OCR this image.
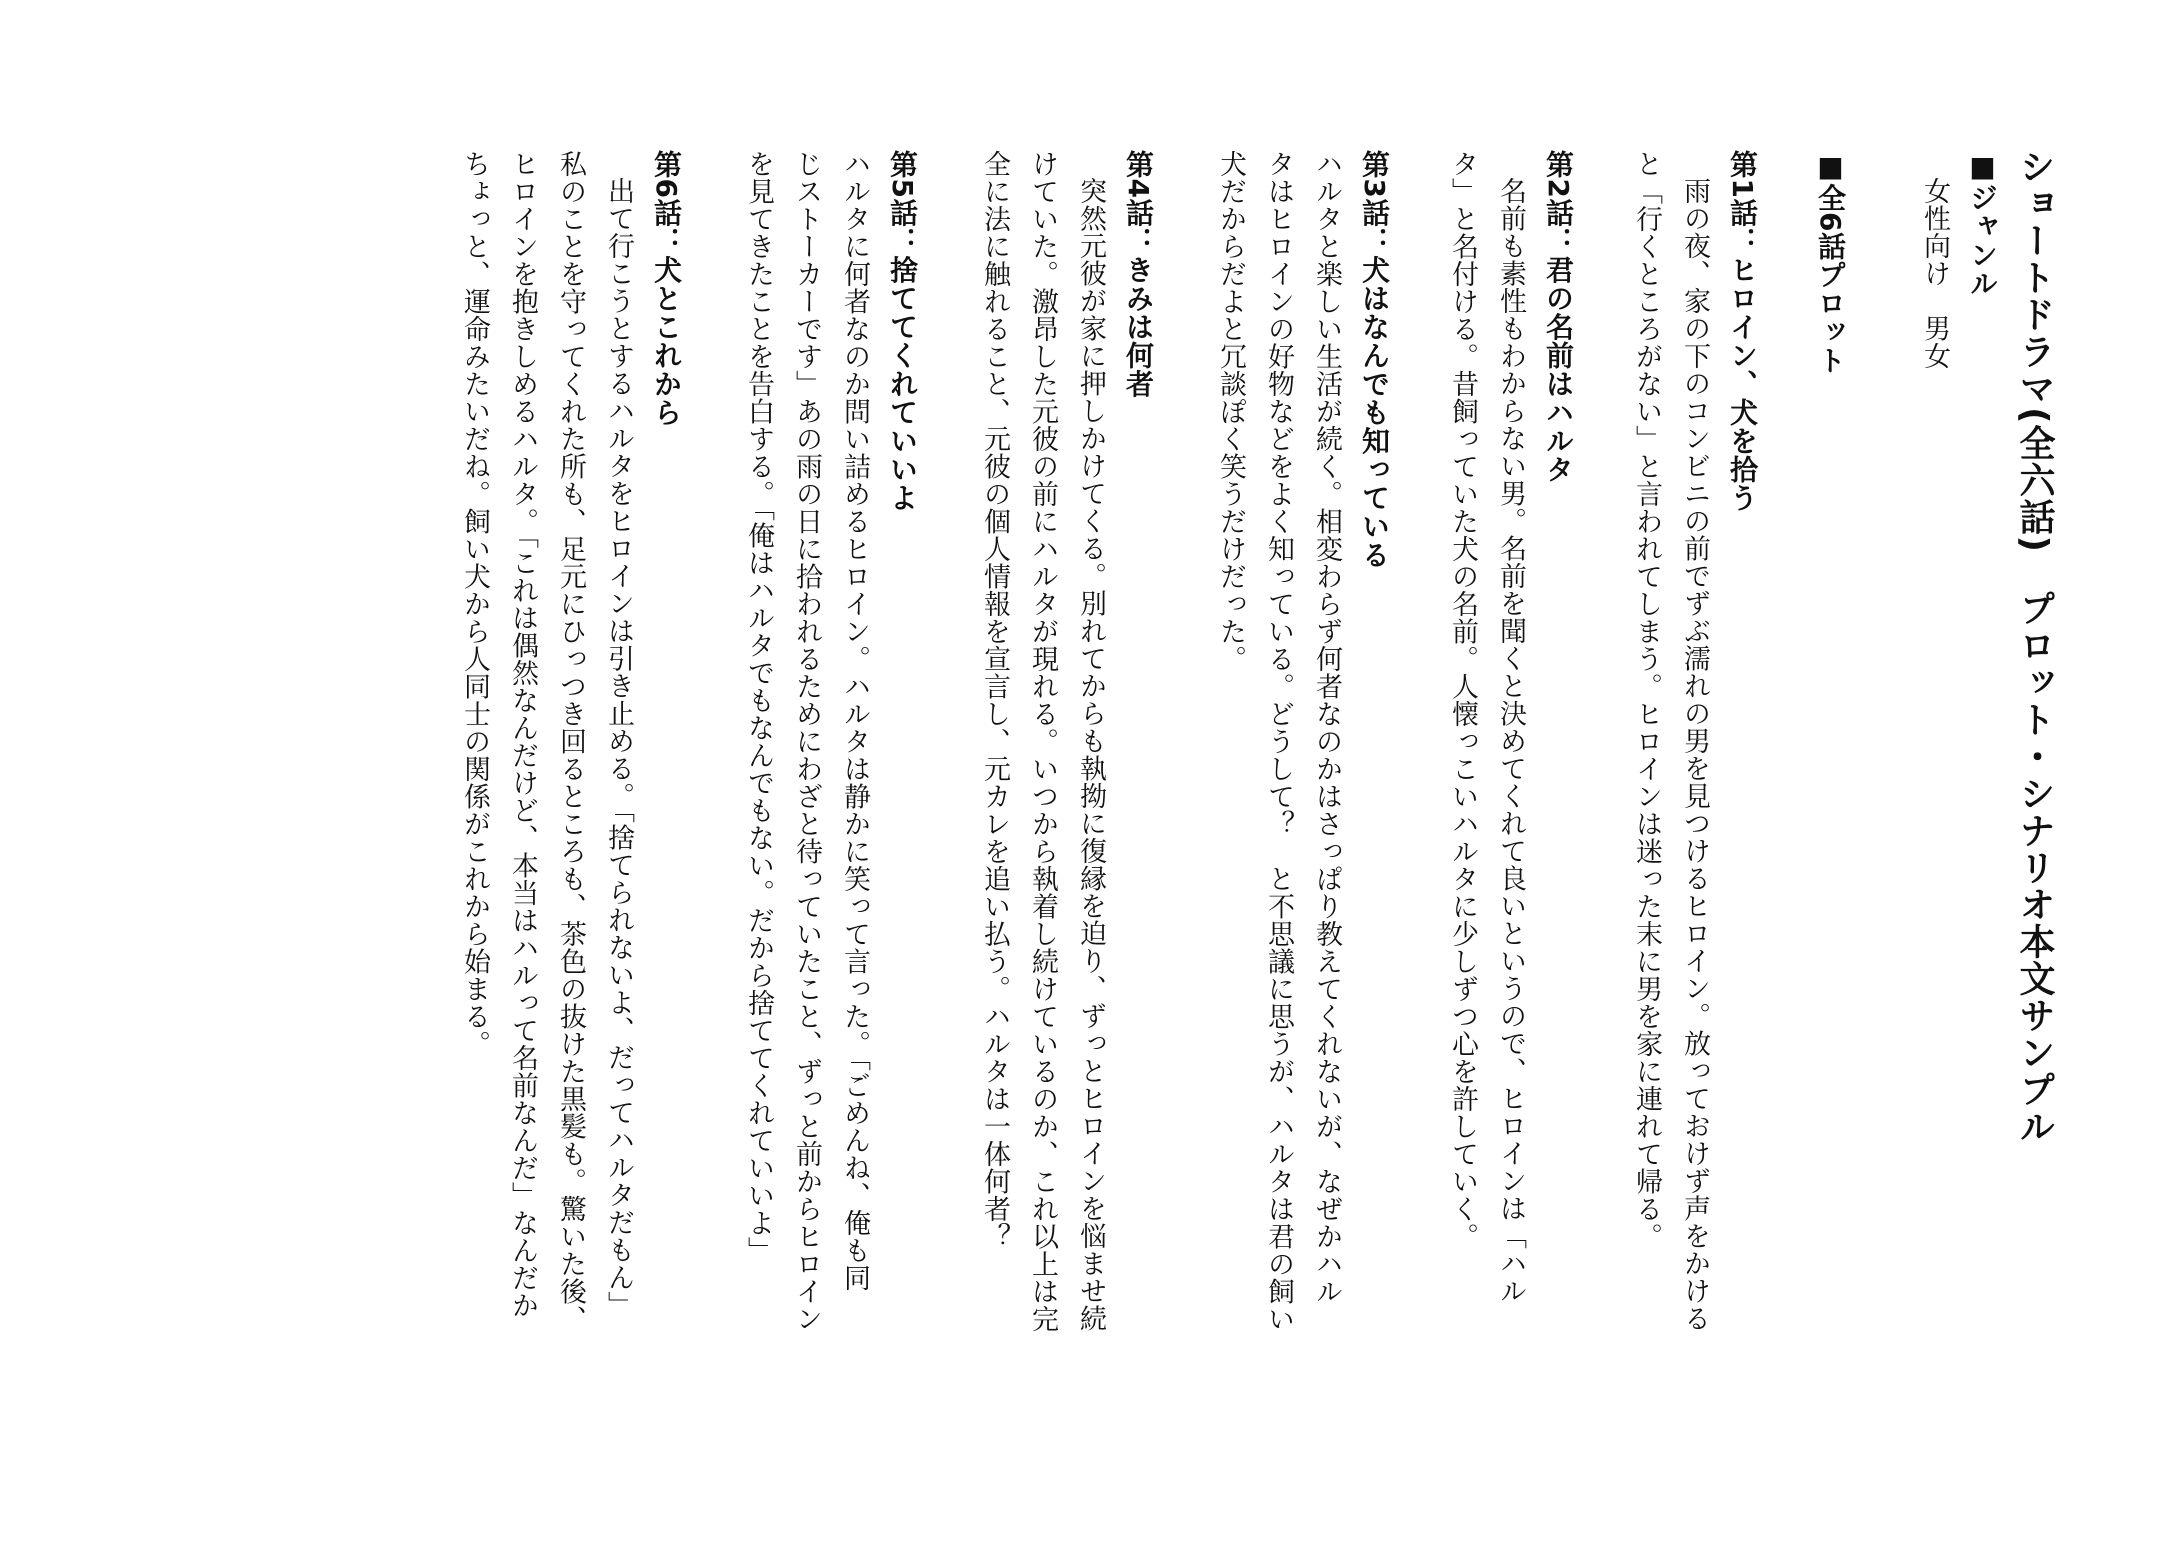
ショートドラマ(全六話)　プロット・シナリオ本文サンプル
■ジャンル
女性向け　男女
■全6話プロット
第1話：ヒロイン、犬を拾う
雨の夜、家の下のコンビニの前でずぶ濡れの男を見つけるヒロイン。放っておけず声をかける
と「行くところがない」と言われてしまう。ヒロインは迷った末に男を家に連れて帰る。
第2話：君の名前はハルタ
名前も素性もわからない男。名前を聞くと決めてくれて良いというので、ヒロインは「ハル
タ」と名付ける。昔飼っていた犬の名前。人懐っこいハルタに少しずつ心を許していく。
第3話：犬はなんでも知っている
ハルタと楽しい生活が続く。相変わらず何者なのかはさっぱり教えてくれないが、なぜかハル
タはヒロインの好物などをよく知っている。どうして？　と不思議に思うが、ハルタは君の飼い
犬だからだよと冗談ぽく笑うだけだった。
第4話：きみは何者
突然元彼が家に押しかけてくる。別れてからも執拗に復縁を迫り、ずっとヒロインを悩ませ続
けていた。激昂した元彼の前にハルタが現れる。いつから執着し続けているのか、これ以上は完
全に法に触れること、元彼の個人情報を宣言し、元カレを追い払う。ハルタは一体何者？
第5話：捨ててくれていいよ
ハルタに何者なのか問い詰めるヒロイン。ハルタは静かに笑って言った。「ごめんね、俺も同
じストーカーです」あの雨の日に拾われるためにわざと待っていたこと、ずっと前からヒロイン
を見てきたことを告白する。「俺はハルタでもなんでもない。だから捨ててくれていいよ」
第6話：犬とこれから
出て行こうとするハルタをヒロインは引き止める。「捨てられないよ、だってハルタだもん」
私のことを守ってくれた所も、足元にひっつき回るところも、茶色の抜けた黒髪も。驚いた後、
ヒロインを抱きしめるハルタ。「これは偶然なんだけど、本当はハルって名前なんだ」なんだか
ちょっと、運命みたいだね。飼い犬から人同士の関係がこれから始まる。
